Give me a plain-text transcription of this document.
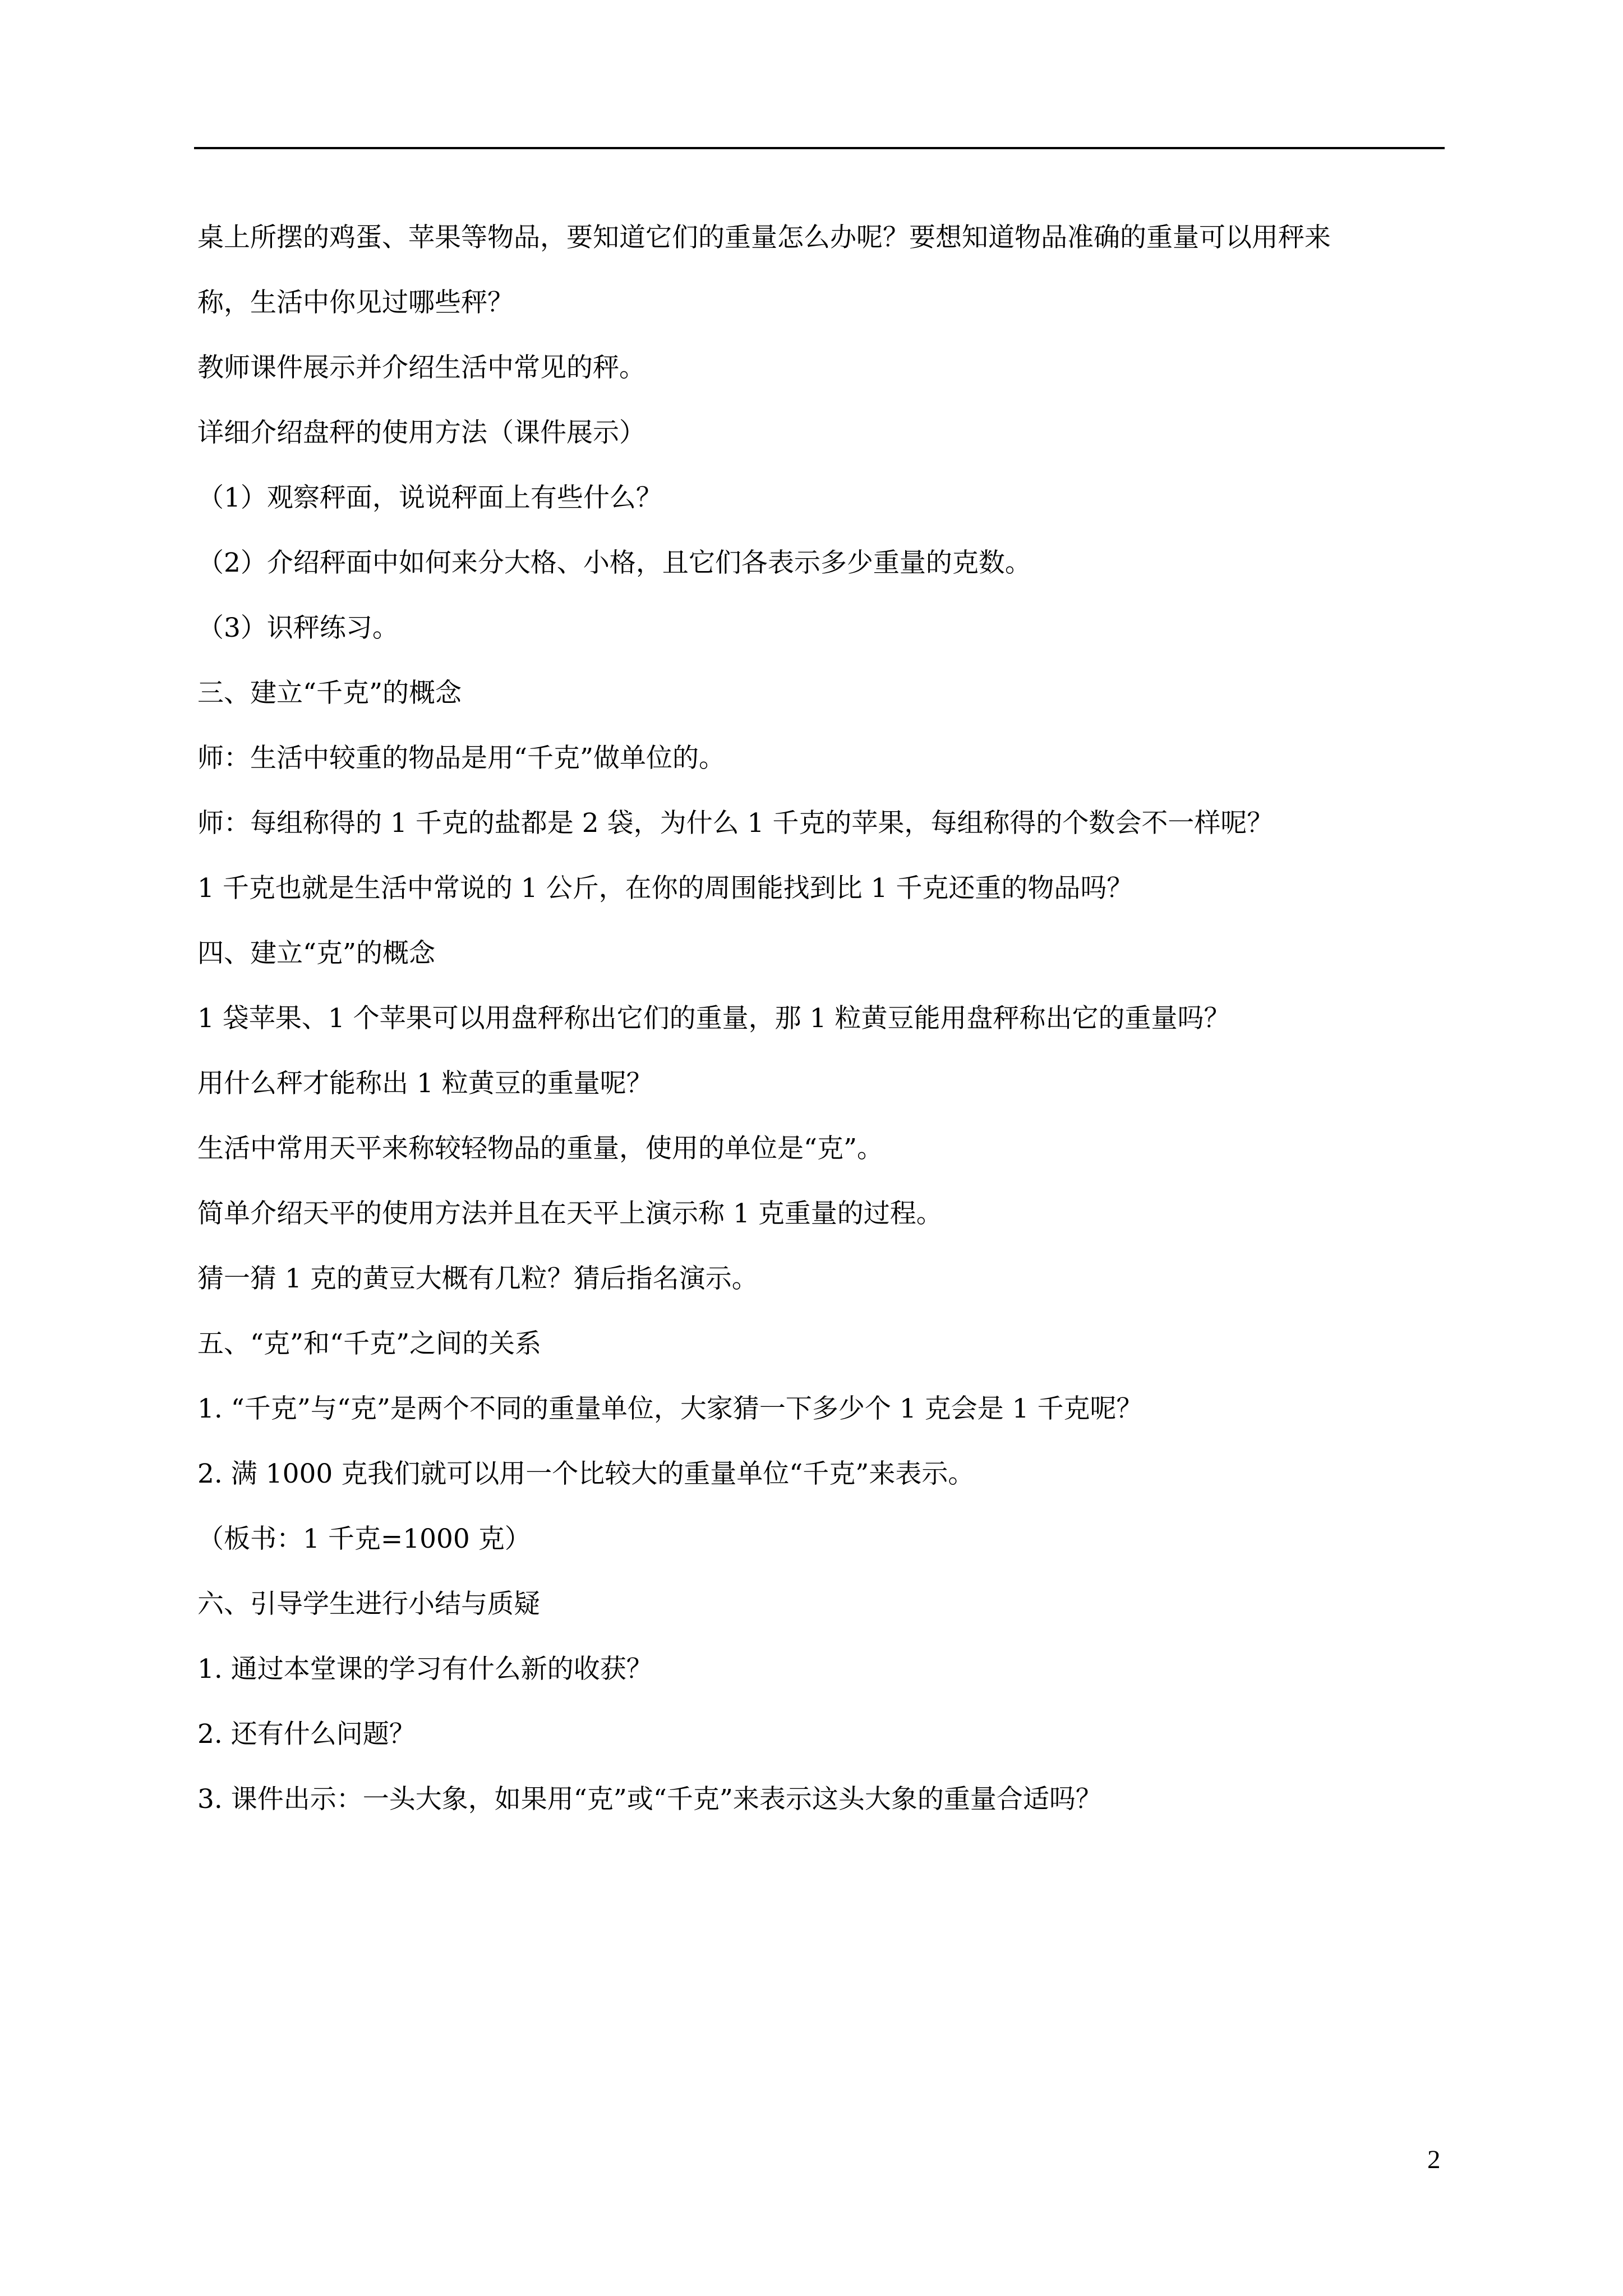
桌上所摆的鸡蛋、苹果等物品，要知道它们的重量怎么办呢？要想知道物品准确的重量可以用秤来
称，生活中你见过哪些秤？
教师课件展示并介绍生活中常见的秤。
详细介绍盘秤的使用方法（课件展示）
（1）观察秤面，说说秤面上有些什么？
（2）介绍秤面中如何来分大格、小格，且它们各表示多少重量的克数。
（3）识秤练习。
三、建立“千克”的概念
师：生活中较重的物品是用“千克”做单位的。
师：每组称得的 1 千克的盐都是 2 袋，为什么 1 千克的苹果，每组称得的个数会不一样呢？
1 千克也就是生活中常说的 1 公斤，在你的周围能找到比 1 千克还重的物品吗？
四、建立“克”的概念
1 袋苹果、1 个苹果可以用盘秤称出它们的重量，那 1 粒黄豆能用盘秤称出它的重量吗？
用什么秤才能称出 1 粒黄豆的重量呢？
生活中常用天平来称较轻物品的重量，使用的单位是“克”。
简单介绍天平的使用方法并且在天平上演示称 1 克重量的过程。
猜一猜 1 克的黄豆大概有几粒？猜后指名演示。
五、“克”和“千克”之间的关系
1. “千克”与“克”是两个不同的重量单位，大家猜一下多少个 1 克会是 1 千克呢？
2. 满 1000 克我们就可以用一个比较大的重量单位“千克”来表示。
（板书：1 千克=1000 克）
六、引导学生进行小结与质疑
1. 通过本堂课的学习有什么新的收获？
2. 还有什么问题？
3. 课件出示：一头大象，如果用“克”或“千克”来表示这头大象的重量合适吗？
2
